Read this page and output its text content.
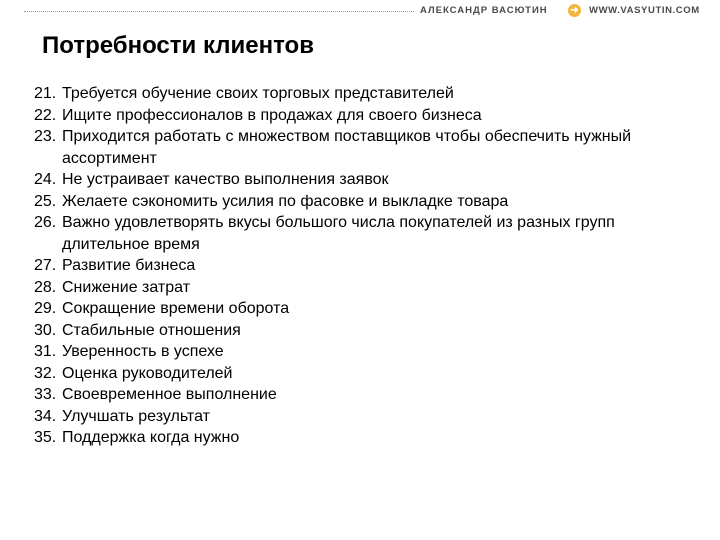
АЛЕКСАНДР ВАСЮТИН ➜ WWW.VASYUTIN.COM
Потребности клиентов
21. Требуется обучение своих торговых представителей
22. Ищите профессионалов в продажах для своего бизнеса
23. Приходится работать с множеством поставщиков чтобы обеспечить нужный ассортимент
24. Не устраивает качество выполнения заявок
25. Желаете сэкономить усилия по фасовке и выкладке товара
26. Важно удовлетворять вкусы большого числа покупателей из разных групп длительное время
27. Развитие бизнеса
28. Снижение затрат
29. Сокращение времени оборота
30. Стабильные отношения
31. Уверенность в успехе
32. Оценка руководителей
33. Своевременное выполнение
34. Улучшать результат
35. Поддержка когда нужно
